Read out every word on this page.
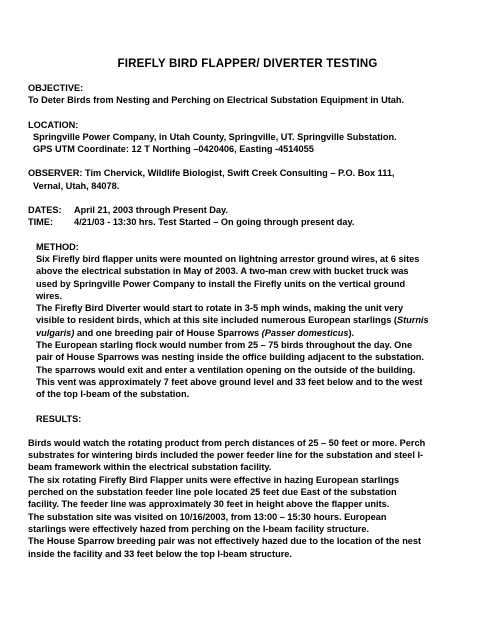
FIREFLY BIRD FLAPPER/ DIVERTER TESTING

OBJECTIVE:

To Deter Birds from Nesting and Perching on Electrical Substation Equipment in Utah.

LOCATION:

Springville Power Company, in Utah County, Springville, UT. Springville Substation.

GPS UTM Coordinate: 12 T Northing –0420406, Easting -4514055

OBSERVER: Tim Chervick, Wildlife Biologist, Swift Creek Consulting – P.O. Box 111,

Vernal, Utah, 84078.

DATES:	April 21, 2003 through Present Day.
TIME:	4/21/03 - 13:30 hrs. Test Started – On going through present day.

METHOD:

Six Firefly bird flapper units were mounted on lightning arrestor ground wires, at 6 sites

above the electrical substation in May of 2003. A two-man crew with bucket truck was

used by Springville Power Company to install the Firefly units on the vertical ground

wires.

The Firefly Bird Diverter would start to rotate in 3-5 mph winds, making the unit very

visible to resident birds, which at this site included numerous European starlings (Sturnis

vulgaris) and one breeding pair of House Sparrows (Passer domesticus).

The European starling flock would number from 25 – 75 birds throughout the day. One

pair of House Sparrows was nesting inside the office building adjacent to the substation.

The sparrows would exit and enter a ventilation opening on the outside of the building.

This vent was approximately 7 feet above ground level and 33 feet below and to the west

of the top I-beam of the substation.

RESULTS:

Birds would watch the rotating product from perch distances of 25 – 50 feet or more. Perch

substrates for wintering birds included the power feeder line for the substation and steel I-

beam framework within the electrical substation facility.

The six rotating Firefly Bird Flapper units were effective in hazing European starlings

perched on the substation feeder line pole located 25 feet due East of the substation

facility. The feeder line was approximately 30 feet in height above the flapper units.

The substation site was visited on 10/16/2003, from 13:00 – 15:30 hours. European

starlings were effectively hazed from perching on the I-beam facility structure.

The House Sparrow breeding pair was not effectively hazed due to the location of the nest

inside the facility and 33 feet below the top I-beam structure.
